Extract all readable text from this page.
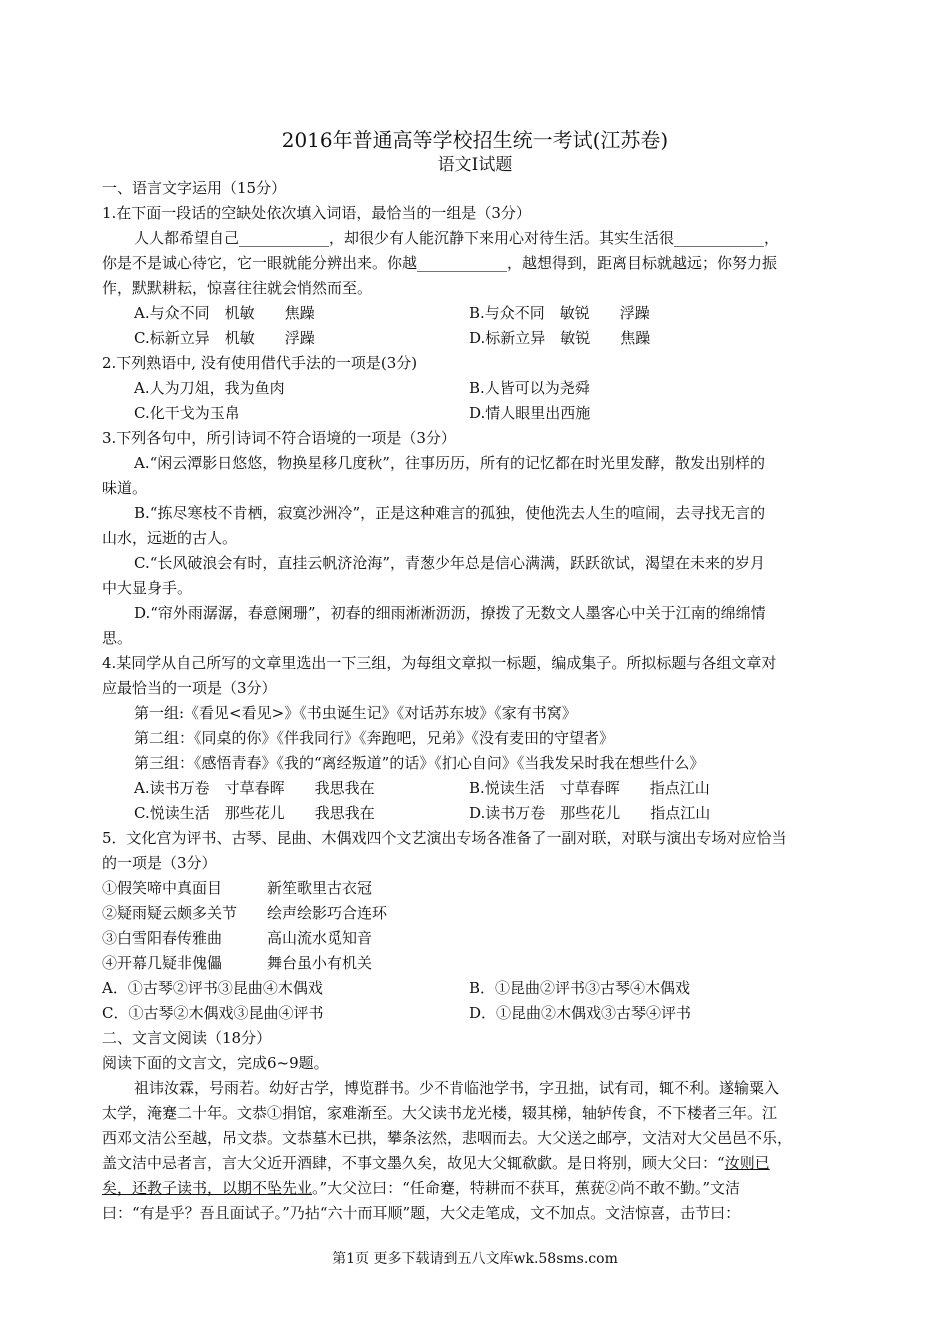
2016年普通高等学校招生统一考试(江苏卷)
语文Ⅰ试题
一、语言文字运用（15分）
1.在下面一段话的空缺处依次填入词语，最恰当的一组是（3分）
人人都希望自己____________，却很少有人能沉静下来用心对待生活。其实生活很____________，
你是不是诚心待它，它一眼就能分辨出来。你越____________，越想得到，距离目标就越远；你努力振
作，默默耕耘，惊喜往往就会悄然而至。
A.与众不同　机敏　　焦躁	B.与众不同　敏锐　　浮躁
C.标新立异　机敏　　浮躁	D.标新立异　敏锐　　焦躁
2.下列熟语中, 没有使用借代手法的一项是(3分)
A.人为刀俎，我为鱼肉	B.人皆可以为尧舜
C.化干戈为玉帛	D.情人眼里出西施
3.下列各句中，所引诗词不符合语境的一项是（3分）
A.“闲云潭影日悠悠，物换星移几度秋”，往事历历，所有的记忆都在时光里发酵，散发出别样的
味道。
B.“拣尽寒枝不肯栖，寂寞沙洲冷”，正是这种难言的孤独，使他洗去人生的喧闹，去寻找无言的
山水，远逝的古人。
C.“长风破浪会有时，直挂云帆济沧海”，青葱少年总是信心满满，跃跃欲试，渴望在未来的岁月
中大显身手。
D.“帘外雨潺潺，春意阑珊”，初春的细雨淅淅沥沥，撩拨了无数文人墨客心中关于江南的绵绵情
思。
4.某同学从自己所写的文章里选出一下三组，为每组文章拟一标题，编成集子。所拟标题与各组文章对
应最恰当的一项是（3分）
第一组:《看见<看见>》《书虫诞生记》《对话苏东坡》《家有书窝》
第二组：《同桌的你》《伴我同行》《奔跑吧，兄弟》《没有麦田的守望者》
第三组：《感悟青春》《我的“离经叛道”的话》《扪心自问》《当我发呆时我在想些什么》
A.读书万卷　寸草春晖　　我思我在	B.悦读生活　寸草春晖　　指点江山
C.悦读生活　那些花儿　　我思我在	D.读书万卷　那些花儿　　指点江山
5．文化宫为评书、古琴、昆曲、木偶戏四个文艺演出专场各准备了一副对联，对联与演出专场对应恰当
的一项是（3分）
①假笑啼中真面目　　　新笙歌里古衣冠
②疑雨疑云颇多关节　　绘声绘影巧合连环
③白雪阳春传雅曲　　　高山流水觅知音
④开幕几疑非傀儡　　　舞台虽小有机关
A．①古琴②评书③昆曲④木偶戏	B．①昆曲②评书③古琴④木偶戏
C．①古琴②木偶戏③昆曲④评书	D．①昆曲②木偶戏③古琴④评书
二、文言文阅读（18分）
阅读下面的文言文，完成6~9题。
祖讳汝霖，号雨若。幼好古学，博览群书。少不肯临池学书，字丑拙，试有司，辄不利。遂输粟入
太学，淹蹇二十年。文恭①捐馆，家难渐至。大父读书龙光楼，辍其梯，轴轳传食，不下楼者三年。江
西邓文洁公至越，吊文恭。文恭墓木已拱，攀条泫然，悲咽而去。大父送之邮亭，文洁对大父邑邑不乐，
盖文洁中忌者言，言大父近开酒肆，不事文墨久矣，故见大父辄欷歔。是日将别，顾大父曰：“汝则已
矣，还教子读书，以期不坠先业。”大父泣曰：“任命蹇，特耕而不获耳，蕉莸②尚不敢不勤。”文洁
曰：“有是乎？吾且面试子。”乃拈“六十而耳顺”题，大父走笔成，文不加点。文洁惊喜，击节曰：
第1页 更多下载请到五八文库wk.58sms.com
